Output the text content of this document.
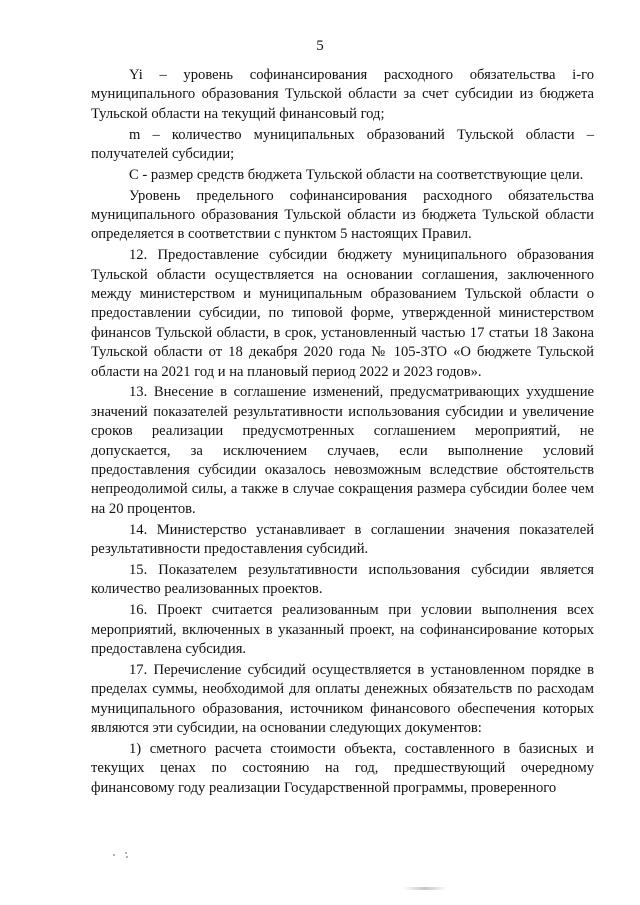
5

Yi – уровень софинансирования расходного обязательства i-го муниципального образования Тульской области за счет субсидии из бюджета Тульской области на текущий финансовый год;

m – количество муниципальных образований Тульской области – получателей субсидии;

С - размер средств бюджета Тульской области на соответствующие цели.

Уровень предельного софинансирования расходного обязательства муниципального образования Тульской области из бюджета Тульской области определяется в соответствии с пунктом 5 настоящих Правил.

12. Предоставление субсидии бюджету муниципального образования Тульской области осуществляется на основании соглашения, заключенного между министерством и муниципальным образованием Тульской области о предоставлении субсидии, по типовой форме, утвержденной министерством финансов Тульской области, в срок, установленный частью 17 статьи 18 Закона Тульской области от 18 декабря 2020 года № 105-ЗТО «О бюджете Тульской области на 2021 год и на плановый период 2022 и 2023 годов».

13. Внесение в соглашение изменений, предусматривающих ухудшение значений показателей результативности использования субсидии и увеличение сроков реализации предусмотренных соглашением мероприятий, не допускается, за исключением случаев, если выполнение условий предоставления субсидии оказалось невозможным вследствие обстоятельств непреодолимой силы, а также в случае сокращения размера субсидии более чем на 20 процентов.

14. Министерство устанавливает в соглашении значения показателей результативности предоставления субсидий.

15. Показателем результативности использования субсидии является количество реализованных проектов.

16. Проект считается реализованным при условии выполнения всех мероприятий, включенных в указанный проект, на софинансирование которых предоставлена субсидия.

17. Перечисление субсидий осуществляется в установленном порядке в пределах суммы, необходимой для оплаты денежных обязательств по расходам муниципального образования, источником финансового обеспечения которых являются эти субсидии, на основании следующих документов:

1) сметного расчета стоимости объекта, составленного в базисных и текущих ценах по состоянию на год, предшествующий очередному финансовому году реализации Государственной программы, проверенного
